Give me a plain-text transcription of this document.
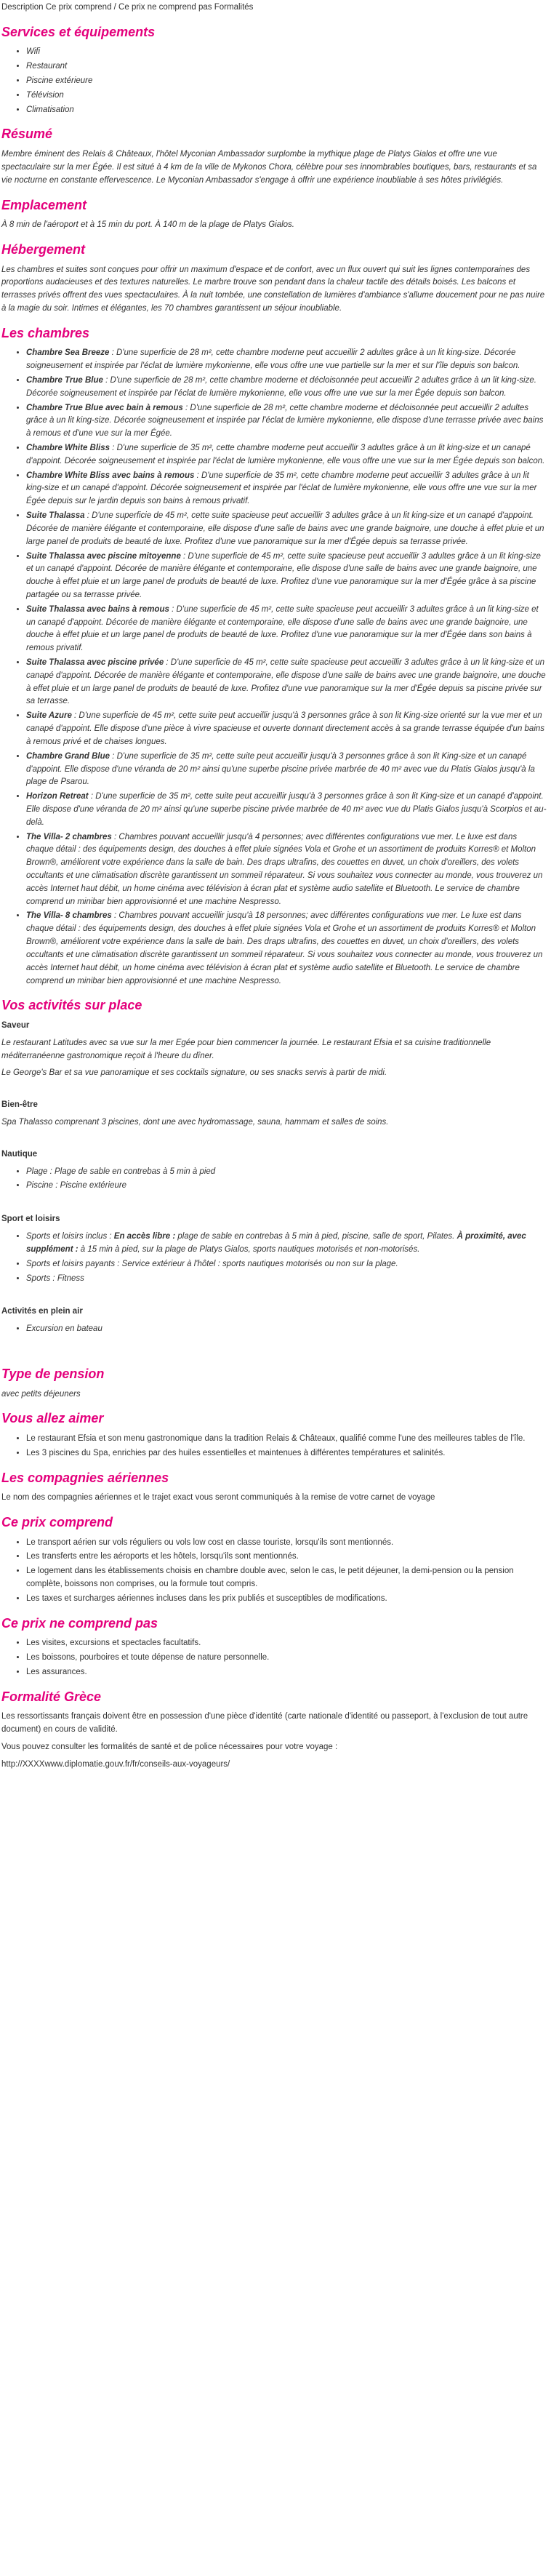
Description Ce prix comprend / Ce prix ne comprend pas Formalités
Services et équipements
• Wifi
• Restaurant
• Piscine extérieure
• Télévision
• Climatisation
Résumé

Membre éminent des Relais & Châteaux, l'hôtel Myconian Ambassador surplombe la mythique plage de Platys Gialos et offre une vue spectaculaire sur la mer Égée. Il est situé à 4 km de la ville de Mykonos Chora, célèbre pour ses innombrables boutiques, bars, restaurants et sa vie nocturne en constante effervescence. Le Myconian Ambassador s'engage à offrir une expérience inoubliable à ses hôtes privilégiés.

Emplacement

À 8 min de l'aéroport et à 15 min du port. À 140 m de la plage de Platys Gialos.

Hébergement

Les chambres et suites sont conçues pour offrir un maximum d'espace et de confort, avec un flux ouvert qui suit les lignes contemporaines des proportions audacieuses et des textures naturelles. Le marbre trouve son pendant dans la chaleur tactile des détails boisés. Les balcons et terrasses privés offrent des vues spectaculaires. À la nuit tombée, une constellation de lumières d'ambiance s'allume doucement pour ne pas nuire à la magie du soir. Intimes et élégantes, les 70 chambres garantissent un séjour inoubliable.

Les chambres
• Chambre Sea Breeze : D'une superficie de 28 m², cette chambre moderne peut accueillir 2 adultes grâce à un lit king-size. Décorée soigneusement et inspirée par l'éclat de lumière mykonienne, elle vous offre une vue partielle sur la mer et sur l'île depuis son balcon.
• Chambre True Blue : D'une superficie de 28 m², cette chambre moderne et décloisonnée peut accueillir 2 adultes grâce à un lit king-size. Décorée soigneusement et inspirée par l'éclat de lumière mykonienne, elle vous offre une vue sur la mer Égée depuis son balcon.
• Chambre True Blue avec bain à remous : D'une superficie de 28 m², cette chambre moderne et décloisonnée peut accueillir 2 adultes grâce à un lit king-size. Décorée soigneusement et inspirée par l'éclat de lumière mykonienne, elle dispose d'une terrasse privée avec bains à remous et d'une vue sur la mer Égée.
• Chambre White Bliss : D'une superficie de 35 m², cette chambre moderne peut accueillir 3 adultes grâce à un lit king-size et un canapé d'appoint. Décorée soigneusement et inspirée par l'éclat de lumière mykonienne, elle vous offre une vue sur la mer Égée depuis son balcon.
• Chambre White Bliss avec bains à remous : D'une superficie de 35 m², cette chambre moderne peut accueillir 3 adultes grâce à un lit king-size et un canapé d'appoint. Décorée soigneusement et inspirée par l'éclat de lumière mykonienne, elle vous offre une vue sur la mer Égée depuis sur le jardin depuis son bains à remous privatif.
• Suite Thalassa : D'une superficie de 45 m², cette suite spacieuse peut accueillir 3 adultes grâce à un lit king-size et un canapé d'appoint. Décorée de manière élégante et contemporaine, elle dispose d'une salle de bains avec une grande baignoire, une douche à effet pluie et un large panel de produits de beauté de luxe. Profitez d'une vue panoramique sur la mer d'Égée depuis sa terrasse privée.
• Suite Thalassa avec piscine mitoyenne : D'une superficie de 45 m², cette suite spacieuse peut accueillir 3 adultes grâce à un lit king-size et un canapé d'appoint. Décorée de manière élégante et contemporaine, elle dispose d'une salle de bains avec une grande baignoire, une douche à effet pluie et un large panel de produits de beauté de luxe. Profitez d'une vue panoramique sur la mer d'Égée grâce à sa piscine partagée ou sa terrasse privée.
• Suite Thalassa avec bains à remous : D'une superficie de 45 m², cette suite spacieuse peut accueillir 3 adultes grâce à un lit king-size et un canapé d'appoint. Décorée de manière élégante et contemporaine, elle dispose d'une salle de bains avec une grande baignoire, une douche à effet pluie et un large panel de produits de beauté de luxe. Profitez d'une vue panoramique sur la mer d'Égée dans son bains à remous privatif.
• Suite Thalassa avec piscine privée : D'une superficie de 45 m², cette suite spacieuse peut accueillir 3 adultes grâce à un lit king-size et un canapé d'appoint. Décorée de manière élégante et contemporaine, elle dispose d'une salle de bains avec une grande baignoire, une douche à effet pluie et un large panel de produits de beauté de luxe. Profitez d'une vue panoramique sur la mer d'Égée depuis sa piscine privée sur sa terrasse.
• Suite Azure : D'une superficie de 45 m², cette suite peut accueillir jusqu'à 3 personnes grâce à son lit King-size orienté sur la vue mer et un canapé d'appoint. Elle dispose d'une pièce à vivre spacieuse et ouverte donnant directement accès à sa grande terrasse équipée d'un bains à remous privé et de chaises longues.
• Chambre Grand Blue : D'une superficie de 35 m², cette suite peut accueillir jusqu'à 3 personnes grâce à son lit King-size et un canapé d'appoint. Elle dispose d'une véranda de 20 m² ainsi qu'une superbe piscine privée marbrée de 40 m² avec vue du Platis Gialos jusqu'à la plage de Psarou.
• Horizon Retreat : D'une superficie de 35 m², cette suite peut accueillir jusqu'à 3 personnes grâce à son lit King-size et un canapé d'appoint. Elle dispose d'une véranda de 20 m² ainsi qu'une superbe piscine privée marbrée de 40 m² avec vue du Platis Gialos jusqu'à Scorpios et au-delà.
• The Villa- 2 chambres : Chambres pouvant accueillir jusqu'à 4 personnes; avec différentes configurations vue mer. Le luxe est dans chaque détail : des équipements design, des douches à effet pluie signées Vola et Grohe et un assortiment de produits Korres® et Molton Brown®, améliorent votre expérience dans la salle de bain. Des draps ultrafins, des couettes en duvet, un choix d'oreillers, des volets occultants et une climatisation discrète garantissent un sommeil réparateur. Si vous souhaitez vous connecter au monde, vous trouverez un accès Internet haut débit, un home cinéma avec télévision à écran plat et système audio satellite et Bluetooth. Le service de chambre comprend un minibar bien approvisionné et une machine Nespresso.
• The Villa- 8 chambres : Chambres pouvant accueillir jusqu'à 18 personnes; avec différentes configurations vue mer. Le luxe est dans chaque détail : des équipements design, des douches à effet pluie signées Vola et Grohe et un assortiment de produits Korres® et Molton Brown®, améliorent votre expérience dans la salle de bain. Des draps ultrafins, des couettes en duvet, un choix d'oreillers, des volets occultants et une climatisation discrète garantissent un sommeil réparateur. Si vous souhaitez vous connecter au monde, vous trouverez un accès Internet haut débit, un home cinéma avec télévision à écran plat et système audio satellite et Bluetooth. Le service de chambre comprend un minibar bien approvisionné et une machine Nespresso.
Vos activités sur place
Saveur

Le restaurant Latitudes avec sa vue sur la mer Egée pour bien commencer la journée. Le restaurant Efsia et sa cuisine traditionnelle méditerranéenne gastronomique reçoit à l'heure du dîner.

Le George's Bar et sa vue panoramique et ses cocktails signature, ou ses snacks servis à partir de midi.

Bien-être

Spa Thalasso comprenant 3 piscines, dont une avec hydromassage, sauna, hammam et salles de soins.

Nautique
• Plage : Plage de sable en contrebas à 5 min à pied
• Piscine : Piscine extérieure
Sport et loisirs
• Sports et loisirs inclus : En accès libre : plage de sable en contrebas à 5 min à pied, piscine, salle de sport, Pilates. À proximité, avec supplément : à 15 min à pied, sur la plage de Platys Gialos, sports nautiques motorisés et non-motorisés.
• Sports et loisirs payants : Service extérieur à l'hôtel : sports nautiques motorisés ou non sur la plage.
• Sports : Fitness
Activités en plein air
• Excursion en bateau
Type de pension

avec petits déjeuners

Vous allez aimer
• Le restaurant Efsia et son menu gastronomique dans la tradition Relais & Châteaux, qualifié comme l'une des meilleures tables de l'île.
• Les 3 piscines du Spa, enrichies par des huiles essentielles et maintenues à différentes températures et salinités.
Les compagnies aériennes

Le nom des compagnies aériennes et le trajet exact vous seront communiqués à la remise de votre carnet de voyage

Ce prix comprend
• Le transport aérien sur vols réguliers ou vols low cost en classe touriste, lorsqu'ils sont mentionnés.
• Les transferts entre les aéroports et les hôtels, lorsqu'ils sont mentionnés.
• Le logement dans les établissements choisis en chambre double avec, selon le cas, le petit déjeuner, la demi-pension ou la pension complète, boissons non comprises, ou la formule tout compris.
• Les taxes et surcharges aériennes incluses dans les prix publiés et susceptibles de modifications.
Ce prix ne comprend pas
• Les visites, excursions et spectacles facultatifs.
• Les boissons, pourboires et toute dépense de nature personnelle.
• Les assurances.
Formalité Grèce

Les ressortissants français doivent être en possession d'une pièce d'identité (carte nationale d'identité ou passeport, à l'exclusion de tout autre document) en cours de validité.

Vous pouvez consulter les formalités de santé et de police nécessaires pour votre voyage :

http://XXXXwww.diplomatie.gouv.fr/fr/conseils-aux-voyageurs/
